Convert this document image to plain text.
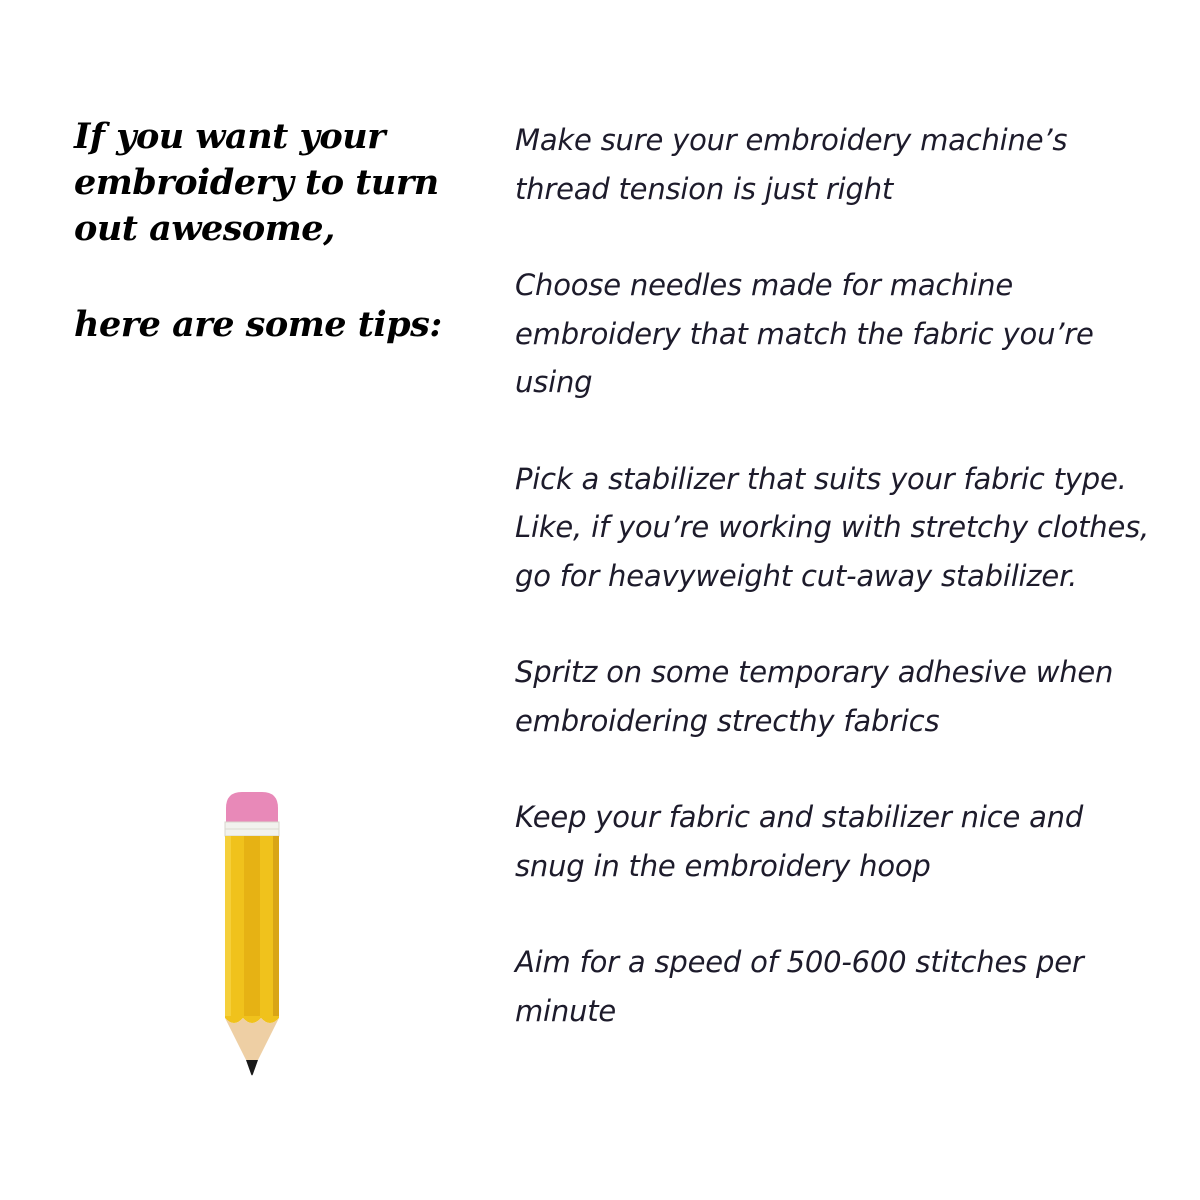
If you want your embroidery to turn out awesome,
here are some tips:
Make sure your embroidery machine’s thread tension is just right
Choose needles made for machine embroidery that match the fabric you’re using
Pick a stabilizer that suits your fabric type. Like, if you’re working with stretchy clothes, go for heavyweight cut-away stabilizer.
Spritz on some temporary adhesive when embroidering strecthy fabrics
Keep your fabric and stabilizer nice and snug in the embroidery hoop
Aim for a speed of 500-600 stitches per minute
